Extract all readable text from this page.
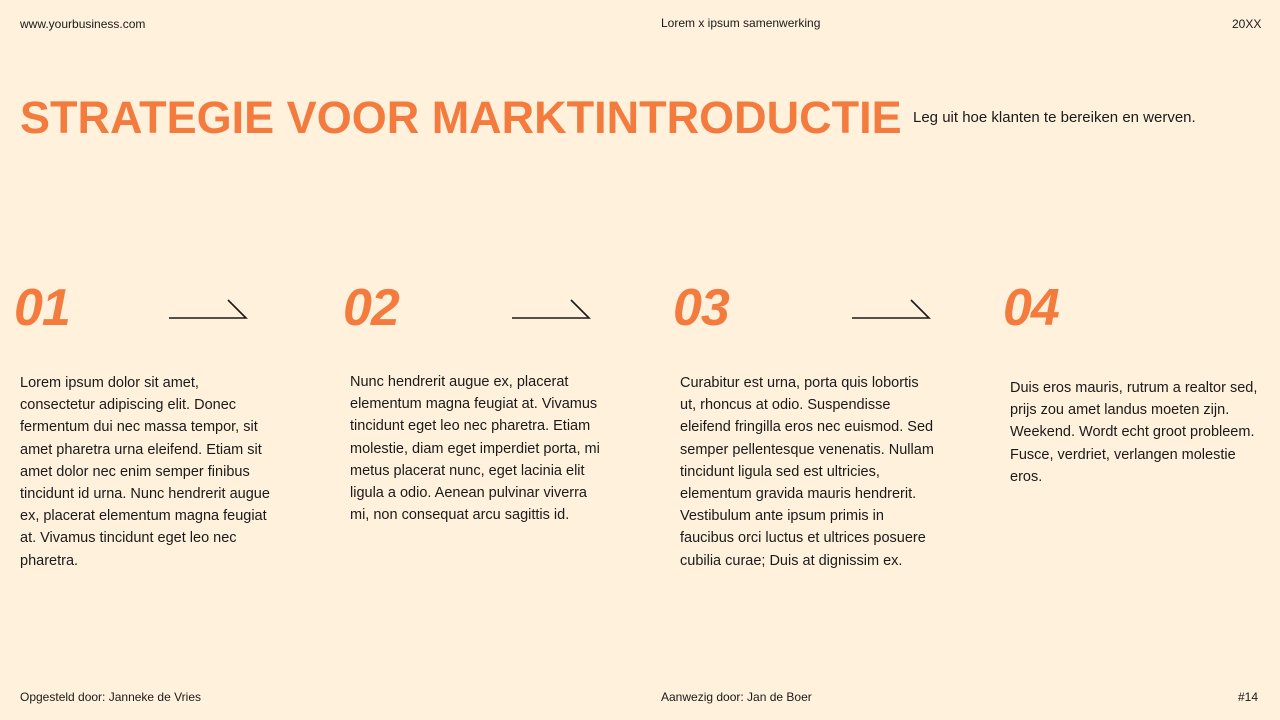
www.yourbusiness.com	Lorem x ipsum samenwerking	20XX
STRATEGIE VOOR MARKTINTRODUCTIE Leg uit hoe klanten te bereiken en werven.
01
Lorem ipsum dolor sit amet, consectetur adipiscing elit. Donec fermentum dui nec massa tempor, sit amet pharetra urna eleifend. Etiam sit amet dolor nec enim semper finibus tincidunt id urna. Nunc hendrerit augue ex, placerat elementum magna feugiat at. Vivamus tincidunt eget leo nec pharetra.
02
Nunc hendrerit augue ex, placerat elementum magna feugiat at. Vivamus tincidunt eget leo nec pharetra. Etiam molestie, diam eget imperdiet porta, mi metus placerat nunc, eget lacinia elit ligula a odio. Aenean pulvinar viverra mi, non consequat arcu sagittis id.
03
Curabitur est urna, porta quis lobortis ut, rhoncus at odio. Suspendisse eleifend fringilla eros nec euismod. Sed semper pellentesque venenatis. Nullam tincidunt ligula sed est ultricies, elementum gravida mauris hendrerit. Vestibulum ante ipsum primis in faucibus orci luctus et ultrices posuere cubilia curae; Duis at dignissim ex.
04
Duis eros mauris, rutrum a realtor sed, prijs zou amet landus moeten zijn. Weekend. Wordt echt groot probleem. Fusce, verdriet, verlangen molestie eros.
Opgesteld door: Janneke de Vries	Aanwezig door: Jan de Boer	#14
